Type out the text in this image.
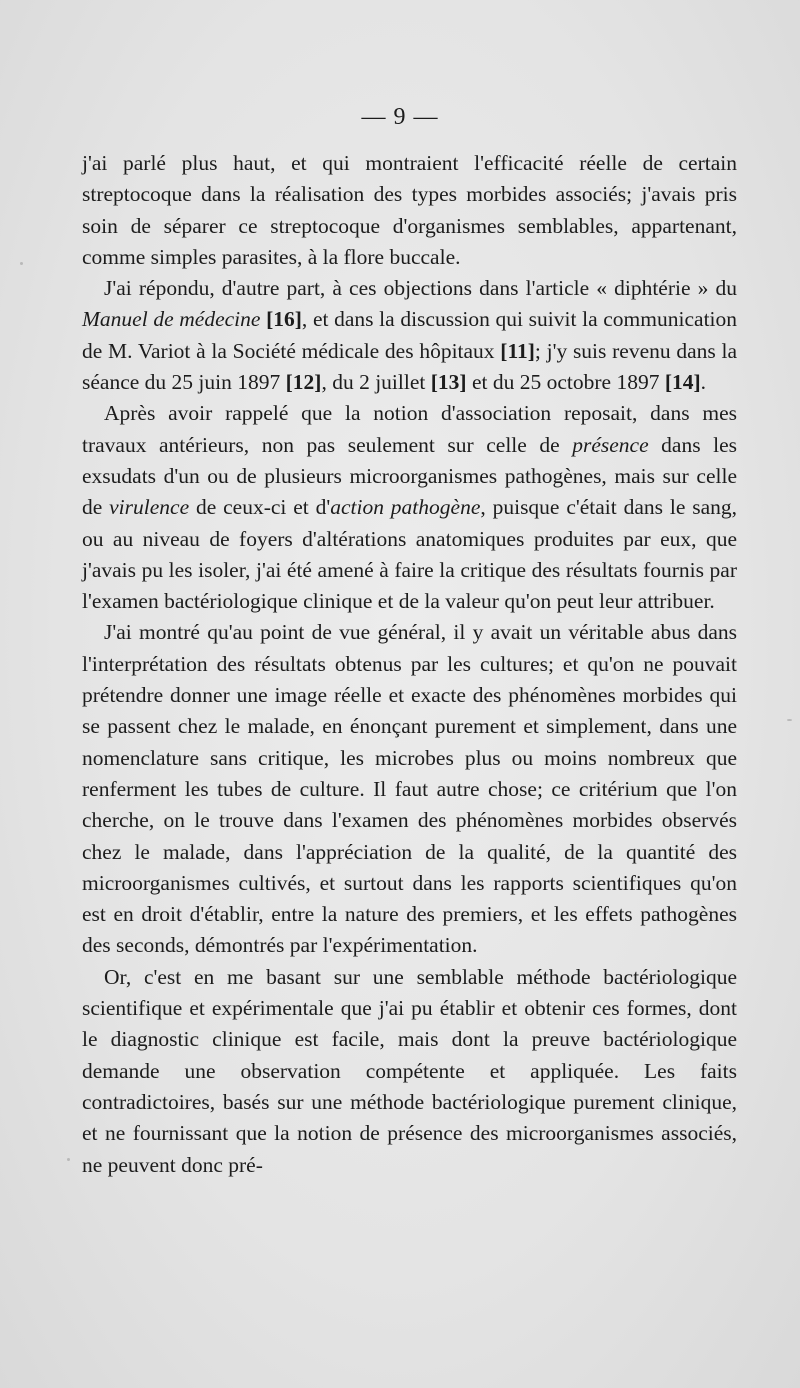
— 9 —

j'ai parlé plus haut, et qui montraient l'efficacité réelle de certain streptocoque dans la réalisation des types morbides associés; j'avais pris soin de séparer ce streptocoque d'organismes semblables, appartenant, comme simples parasites, à la flore buccale.

J'ai répondu, d'autre part, à ces objections dans l'article « diphtérie » du Manuel de médecine [16], et dans la discussion qui suivit la communication de M. Variot à la Société médicale des hôpitaux [11]; j'y suis revenu dans la séance du 25 juin 1897 [12], du 2 juillet [13] et du 25 octobre 1897 [14].

Après avoir rappelé que la notion d'association reposait, dans mes travaux antérieurs, non pas seulement sur celle de présence dans les exsudats d'un ou de plusieurs microorganismes pathogènes, mais sur celle de virulence de ceux-ci et d'action pathogène, puisque c'était dans le sang, ou au niveau de foyers d'altérations anatomiques produites par eux, que j'avais pu les isoler, j'ai été amené à faire la critique des résultats fournis par l'examen bactériologique clinique et de la valeur qu'on peut leur attribuer.

J'ai montré qu'au point de vue général, il y avait un véritable abus dans l'interprétation des résultats obtenus par les cultures; et qu'on ne pouvait prétendre donner une image réelle et exacte des phénomènes morbides qui se passent chez le malade, en énonçant purement et simplement, dans une nomenclature sans critique, les microbes plus ou moins nombreux que renferment les tubes de culture. Il faut autre chose; ce critérium que l'on cherche, on le trouve dans l'examen des phénomènes morbides observés chez le malade, dans l'appréciation de la qualité, de la quantité des microorganismes cultivés, et surtout dans les rapports scientifiques qu'on est en droit d'établir, entre la nature des premiers, et les effets pathogènes des seconds, démontrés par l'expérimentation.

Or, c'est en me basant sur une semblable méthode bactériologique scientifique et expérimentale que j'ai pu établir et obtenir ces formes, dont le diagnostic clinique est facile, mais dont la preuve bactériologique demande une observation compétente et appliquée. Les faits contradictoires, basés sur une méthode bactériologique purement clinique, et ne fournissant que la notion de présence des microorganismes associés, ne peuvent donc pré-
